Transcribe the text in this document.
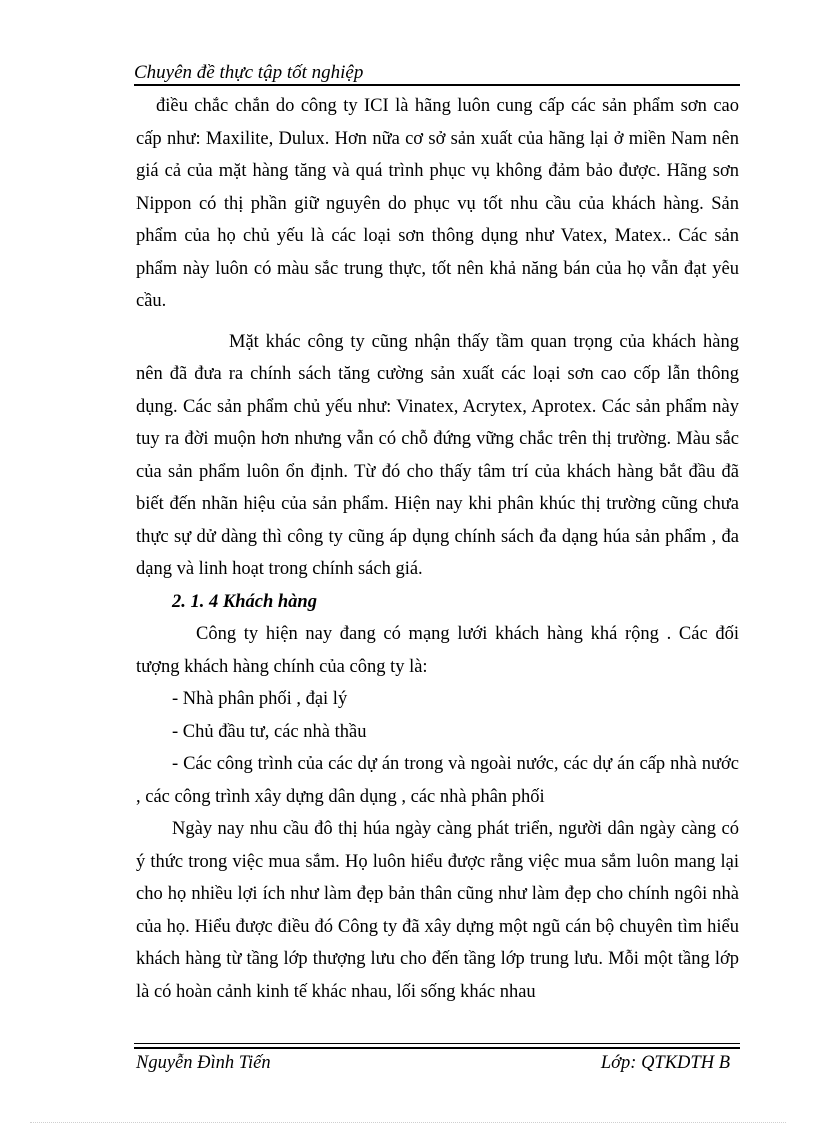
Chuyên đề thực tập tốt nghiệp

điều chắc chắn do công ty ICI là hãng luôn cung cấp các sản phẩm sơn cao cấp như: Maxilite, Dulux. Hơn nữa cơ sở sản xuất của hãng lại ở miền Nam nên giá cả của mặt hàng tăng và quá trình phục vụ không đảm bảo được. Hãng sơn Nippon có thị phần giữ nguyên do phục vụ tốt nhu cầu của khách hàng. Sản phẩm của họ chủ yếu là các loại sơn thông dụng như Vatex, Matex.. Các sản phẩm này luôn có màu sắc trung thực, tốt nên khả năng bán của họ vẫn đạt yêu cầu.

Mặt khác công ty cũng nhận thấy tầm quan trọng của khách hàng nên đã đưa ra chính sách tăng cường sản xuất các loại sơn cao cốp lẫn thông dụng. Các sản phẩm chủ yếu như: Vinatex, Acrytex, Aprotex. Các sản phẩm này tuy ra đời muộn hơn nhưng vẫn có chỗ đứng vững chắc trên thị trường. Màu sắc của sản phẩm luôn ổn định. Từ đó cho thấy tâm trí của khách hàng bắt đầu đã biết đến nhãn hiệu của sản phẩm. Hiện nay khi phân khúc thị trường cũng chưa thực sự dử dàng thì công ty cũng áp dụng chính sách đa dạng húa sản phẩm , đa dạng và linh hoạt trong chính sách giá.

2. 1. 4 Khách hàng

Công ty hiện nay đang có mạng lưới khách hàng khá rộng . Các đối tượng khách hàng chính của công ty là:

- Nhà phân phối , đại lý

- Chủ đầu tư, các nhà thầu

- Các công trình của các dự án trong và ngoài nước, các dự án cấp nhà nước , các công trình xây dựng dân dụng , các nhà phân phối

Ngày nay nhu cầu đô thị húa ngày càng phát triển, người dân ngày càng có ý thức trong việc mua sắm. Họ luôn hiểu được rằng việc mua sắm luôn mang lại cho họ nhiều lợi ích như làm đẹp bản thân cũng như làm đẹp cho chính ngôi nhà của họ. Hiểu được điều đó Công ty đã xây dựng một ngũ cán bộ chuyên tìm hiểu khách hàng từ tầng lớp thượng lưu cho đến tầng lớp trung lưu. Mỗi một tầng lớp là có hoàn cảnh kinh tế khác nhau, lối sống khác nhau

Nguyễn Đình Tiến	Lớp: QTKDTH B
